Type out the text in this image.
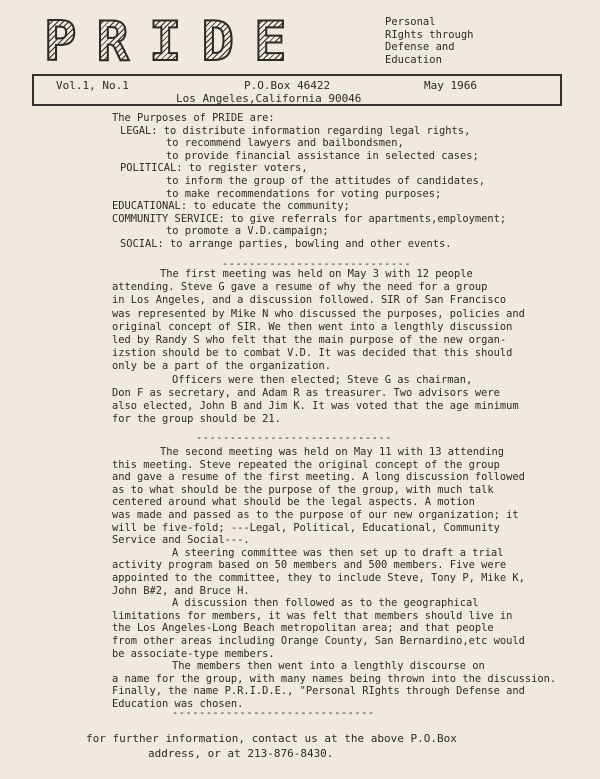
PRIDE	Personal
RIghts through
Defense and
Education
Vol.1, No.1	P.O.Box 46422	May 1966
Los Angeles,California 90046
The Purposes of PRIDE are:
LEGAL: to distribute information regarding legal rights,
to recommend lawyers and bailbondsmen,
to provide financial assistance in selected cases;
POLITICAL: to register voters,
to inform the group of the attitudes of candidates,
to make recommendations for voting purposes;
EDUCATIONAL: to educate the community;
COMMUNITY SERVICE: to give referrals for apartments,employment;
to promote a V.D.campaign;
SOCIAL: to arrange parties, bowling and other events.
----------------------------
The first meeting was held on May 3 with 12 people
attending. Steve G gave a resume of why the need for a group
in Los Angeles, and a discussion followed. SIR of San Francisco
was represented by Mike N who discussed the purposes, policies and
original concept of SIR. We then went into a lengthly discussion
led by Randy S who felt that the main purpose of the new organ-
izstion should be to combat V.D. It was decided that this should
only be a part of the organization.
Officers were then elected; Steve G as chairman,
Don F as secretary, and Adam R as treasurer. Two advisors were
also elected, John B and Jim K. It was voted that the age minimum
for the group should be 21.
-----------------------------
The second meeting was held on May 11 with 13 attending
this meeting. Steve repeated the original concept of the group
and gave a resume of the first meeting. A long discussion followed
as to what should be the purpose of the group, with much talk
centered around what should be the legal aspects. A motion
was made and passed as to the purpose of our new organization; it
will be five-fold; ---Legal, Political, Educational, Community
Service and Social---.
A steering committee was then set up to draft a trial
activity program based on 50 members and 500 members. Five were
appointed to the committee, they to include Steve, Tony P, Mike K,
John B#2, and Bruce H.
A discussion then followed as to the geographical
limitations for members, it was felt that members should live in
the Los Angeles-Long Beach metropolitan area; and that people
from other areas including Orange County, San Bernardino,etc would
be associate-type members.
The members then went into a lengthly discourse on
a name for the group, with many names being thrown into the discussion.
Finally, the name P.R.I.D.E., "Personal RIghts through Defense and
Education was chosen.
------------------------------
for further information, contact us at the above P.O.Box
address, or at 213-876-8430.
